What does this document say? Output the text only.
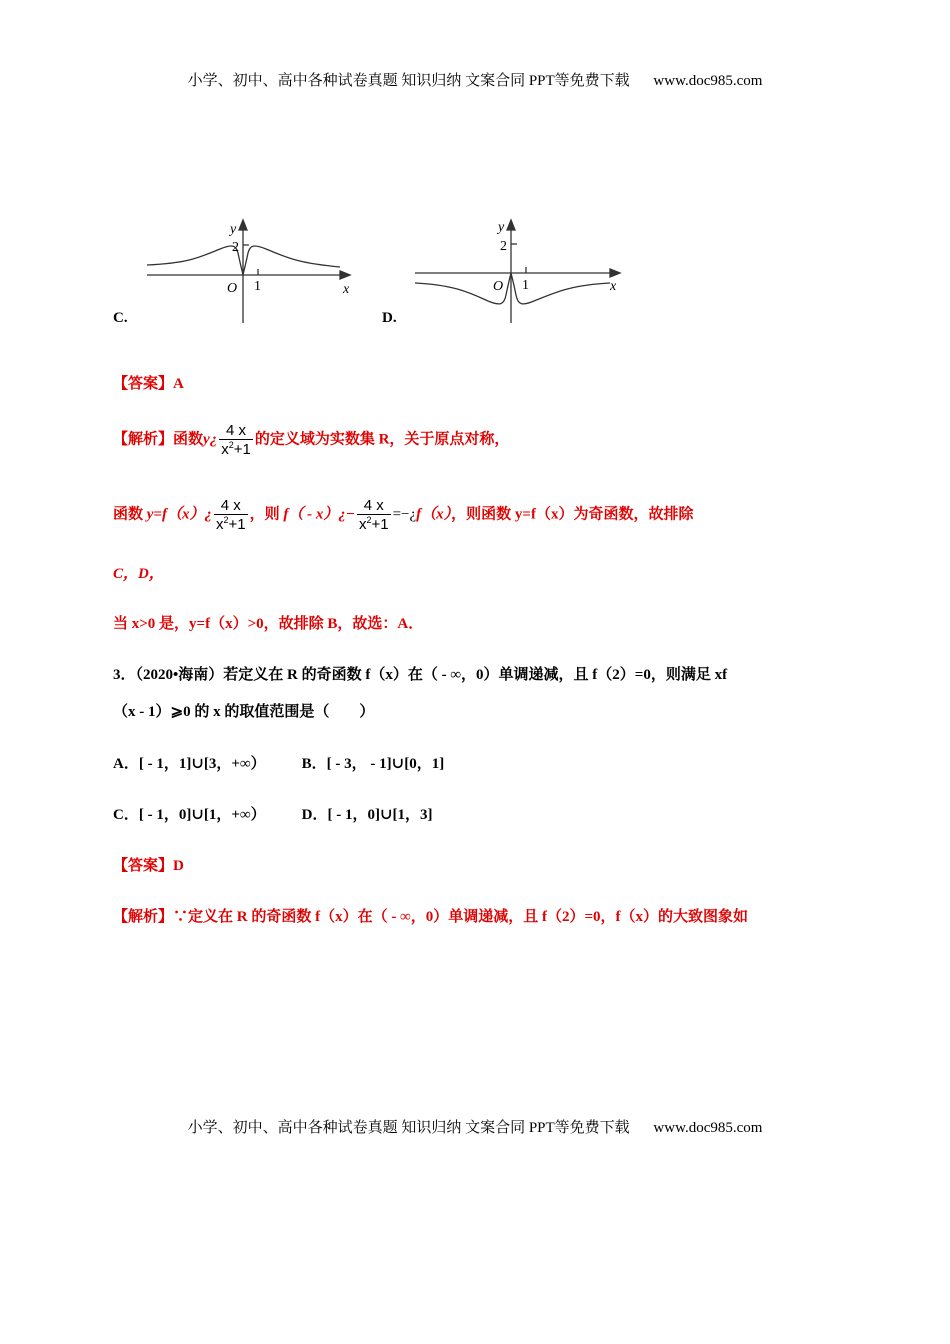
小学、初中、高中各种试卷真题 知识归纳 文案合同 PPT等免费下载 www.doc985.com
y
2
O 1	x
C.
y
2
O 1	x
D.
【答案】A
【解析】函数y¿ $\frac{4 x}{x^2+1}$ 的定义域为实数集 R，关于原点对称，
函数 y=f（x）¿ $\frac{4 x}{x^2+1}$ ，则 f（ - x）¿− $\frac{4 x}{x^2+1}$ =−¿f（x），则函数 y=f（x）为奇函数，故排除
C，D，
当 x>0 是，y=f（x）>0，故排除 B，故选：A．
3．（2020•海南）若定义在 R 的奇函数 f（x）在（ - ∞，0）单调递减，且 f（2）=0，则满足 xf
（x - 1）⩾0 的 x 的取值范围是（　　）
A．[ - 1，1]∪[3，+∞） B．[ - 3， - 1]∪[0，1]
C．[ - 1，0]∪[1，+∞） D．[ - 1，0]∪[1，3]
【答案】D
【解析】∵定义在 R 的奇函数 f（x）在（ - ∞，0）单调递减，且 f（2）=0，f（x）的大致图象如
小学、初中、高中各种试卷真题 知识归纳 文案合同 PPT等免费下载 www.doc985.com
